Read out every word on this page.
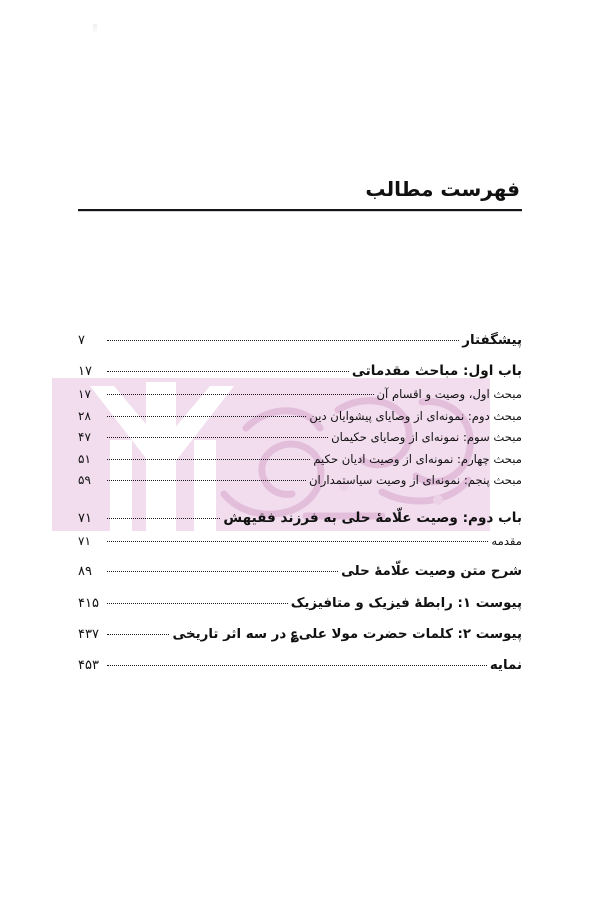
فهرست مطالب
پیشگفتار
۷
باب اول: مباحث مقدماتی
۱۷
مبحث اول، وصیت و اقسام آن
۱۷
مبحث دوم: نمونه‌ای از وصایای پیشوایان دین
۲۸
مبحث سوم: نمونه‌ای از وصایای حکیمان
۴۷
مبحث چهارم: نمونه‌ای از وصیت ادیان حکیم
۵۱
مبحث پنجم: نمونه‌ای از وصیت سیاستمداران
۵۹
باب دوم: وصیت علّامهٔ حلی به فرزند فقیهش
۷۱
مقدمه
۷۱
شرح متن وصیت علّامهٔ حلی
۸۹
پیوست ۱: رابطهٔ فیزیک و متافیزیک
۴۱۵
پیوست ۲: کلمات حضرت مولا علی؏ در سه اثر تاریخی
۴۳۷
نمایه
۴۵۳
